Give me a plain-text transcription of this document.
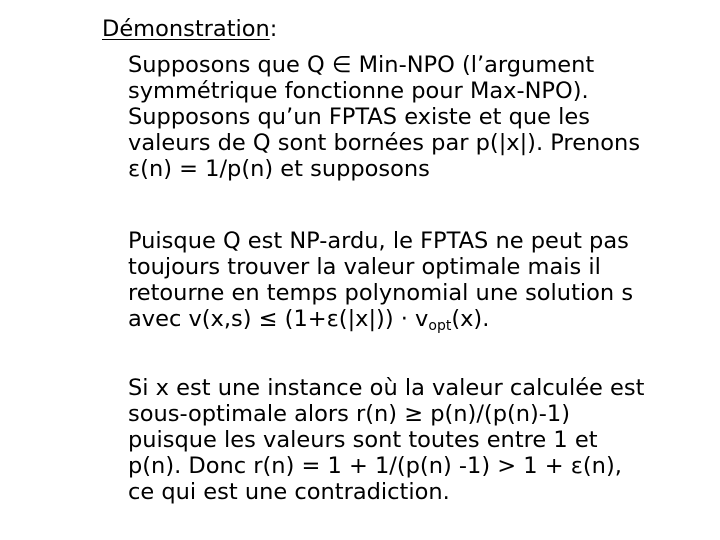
Démonstration:
Supposons que Q ∈ Min-NPO (l’argument
symmétrique fonctionne pour Max-NPO).
Supposons qu’un FPTAS existe et que les
valeurs de Q sont bornées par p(|x|). Prenons
ε(n) = 1/p(n) et supposons
Puisque Q est NP-ardu, le FPTAS ne peut pas
toujours trouver la valeur optimale mais il
retourne en temps polynomial une solution s
avec $v(x,s) \le (1+\varepsilon(|x|)) \cdot v_{opt}(x)$.
Si x est une instance où la valeur calculée est
sous-optimale alors r(n) ≥ p(n)/(p(n)-1)
puisque les valeurs sont toutes entre 1 et
p(n). Donc r(n) = 1 + 1/(p(n) -1) > 1 + ε(n),
ce qui est une contradiction.
